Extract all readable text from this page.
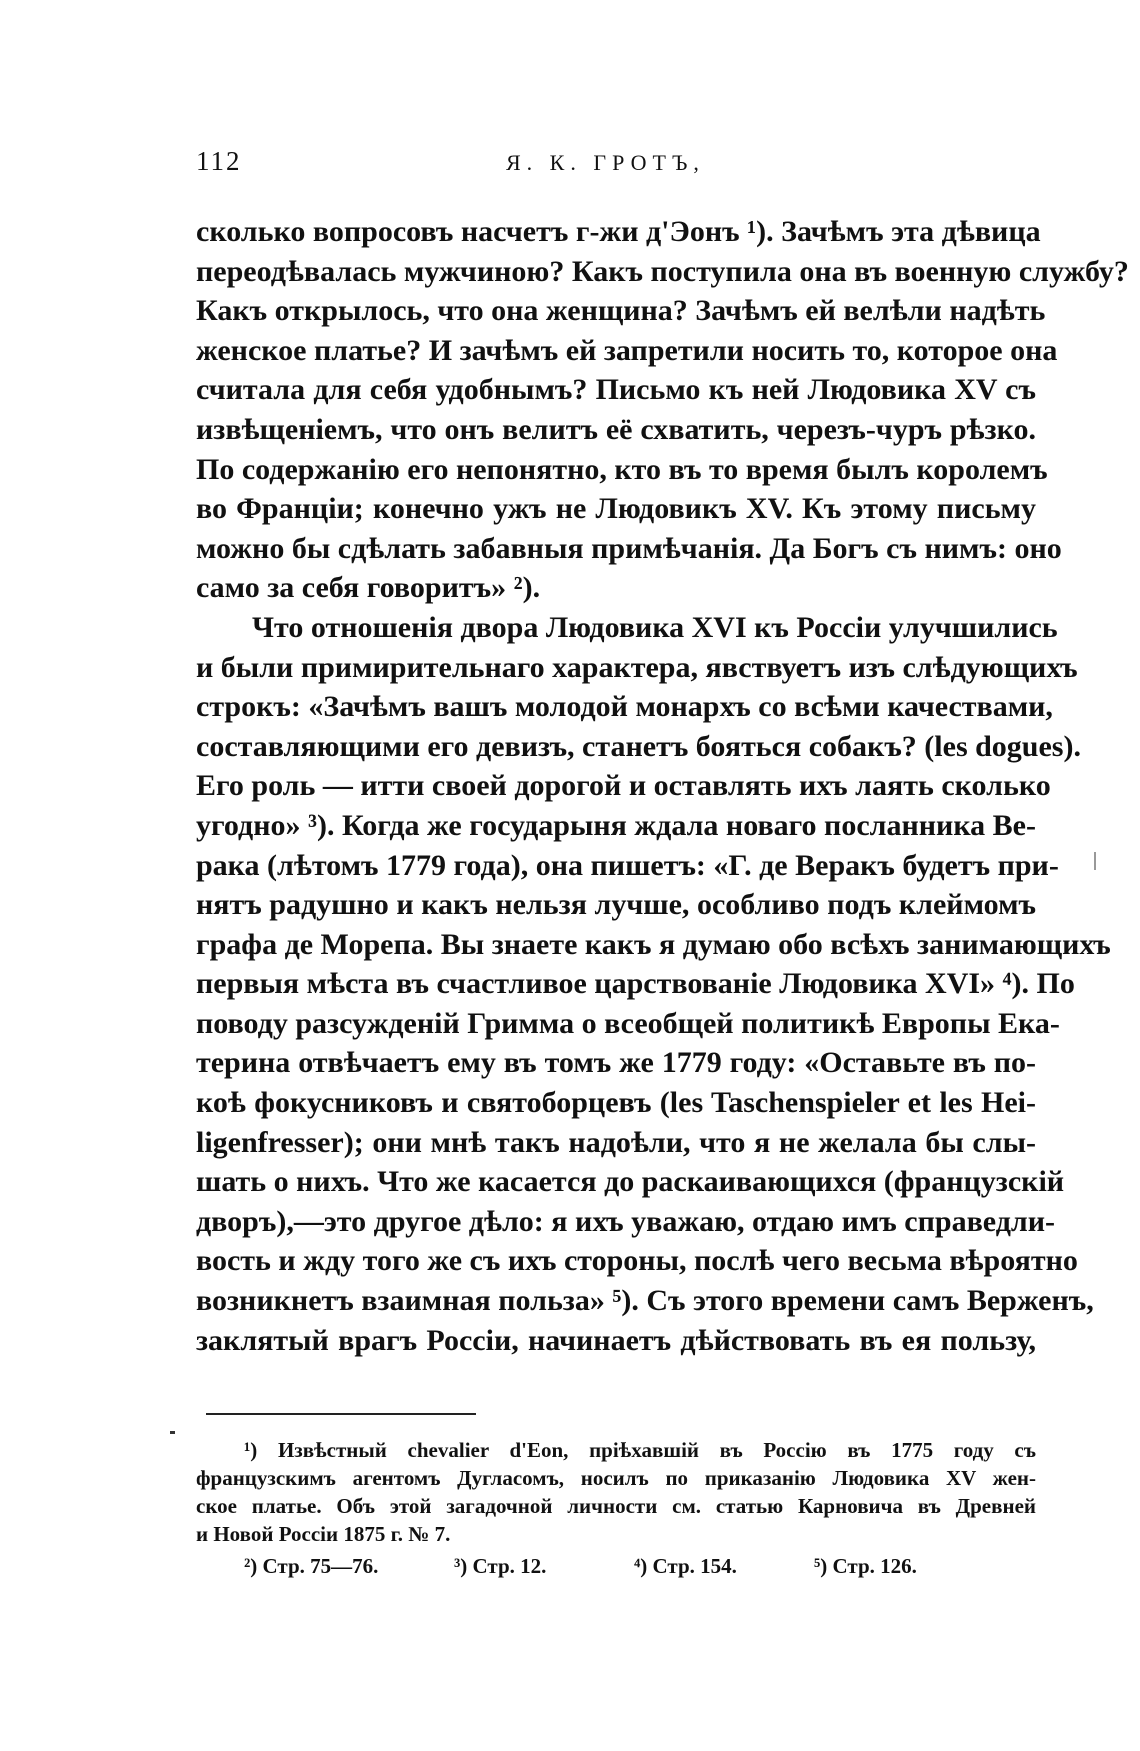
112	Я. К. ГРОТЪ,
сколько вопросовъ насчетъ г-жи д'Эонъ ¹). Зачѣмъ эта дѣвица
переодѣвалась мужчиною? Какъ поступила она въ военную службу?
Какъ открылось, что она женщина? Зачѣмъ ей велѣли надѣть
женское платье? И зачѣмъ ей запретили носить то, которое она
считала для себя удобнымъ? Письмо къ ней Людовика XV съ
извѣщеніемъ, что онъ велитъ её схватить, черезъ-чуръ рѣзко.
По содержанію его непонятно, кто въ то время былъ королемъ
во Франціи; конечно ужъ не Людовикъ XV. Къ этому письму
можно бы сдѣлать забавныя примѣчанія. Да Богъ съ нимъ: оно
само за себя говоритъ» ²).
Что отношенія двора Людовика XVI къ Россіи улучшились
и были примирительнаго характера, явствуетъ изъ слѣдующихъ
строкъ: «Зачѣмъ вашъ молодой монархъ со всѣми качествами,
составляющими его девизъ, станетъ бояться собакъ? (les dogues).
Его роль — итти своей дорогой и оставлять ихъ лаять сколько
угодно» ³). Когда же государыня ждала новаго посланника Ве-
рака (лѣтомъ 1779 года), она пишетъ: «Г. де Веракъ будетъ при-
нятъ радушно и какъ нельзя лучше, особливо подъ клеймомъ
графа де Морепа. Вы знаете какъ я думаю обо всѣхъ занимающихъ
первыя мѣста въ счастливое царствованіе Людовика XVI» ⁴). По
поводу разсужденій Гримма о всеобщей политикѣ Европы Ека-
терина отвѣчаетъ ему въ томъ же 1779 году: «Оставьте въ по-
коѣ фокусниковъ и святоборцевъ (les Taschenspieler et les Hei-
ligenfresser); они мнѣ такъ надоѣли, что я не желала бы слы-
шать о нихъ. Что же касается до раскаивающихся (французскій
дворъ),—это другое дѣло: я ихъ уважаю, отдаю имъ справедли-
вость и жду того же съ ихъ стороны, послѣ чего весьма вѣроятно
возникнетъ взаимная польза» ⁵). Съ этого времени самъ Верженъ,
заклятый врагъ Россіи, начинаетъ дѣйствовать въ ея пользу,
¹) Извѣстный chevalier d'Eon, пріѣхавшій въ Россію въ 1775 году съ
французскимъ агентомъ Дугласомъ, носилъ по приказанію Людовика XV жен-
ское платье. Объ этой загадочной личности см. статью Карновича въ Древней
и Новой Россіи 1875 г. № 7.
²) Стр. 75—76.	³) Стр. 12.	⁴) Стр. 154.	⁵) Стр. 126.
